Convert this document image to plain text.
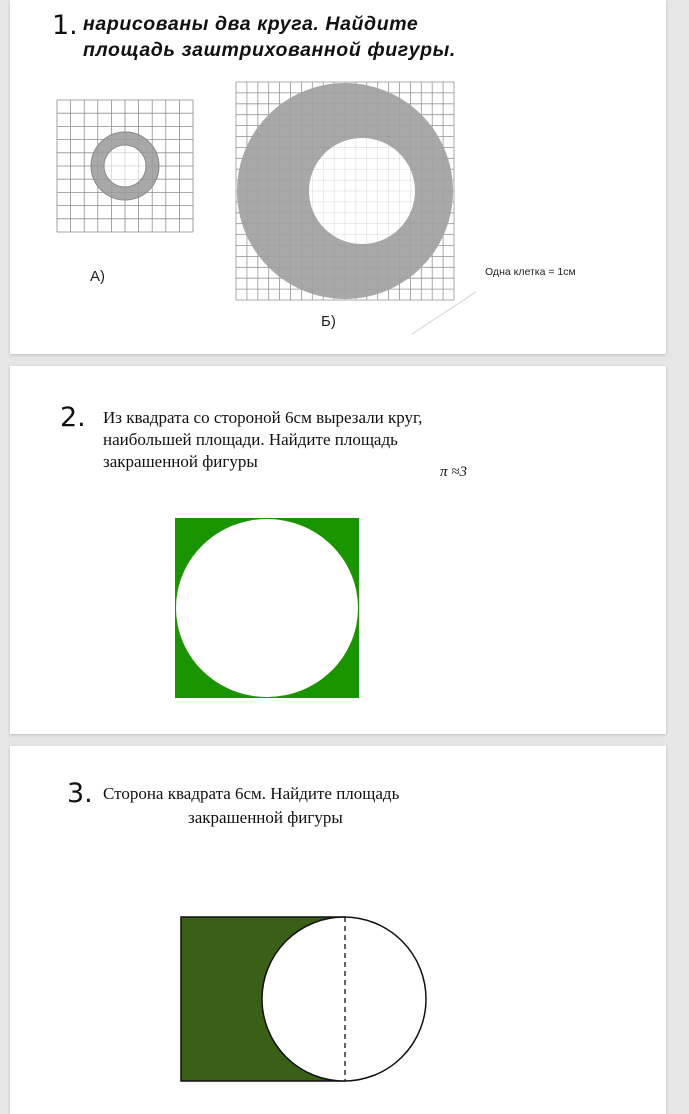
1. нарисованы два круга. Найдите
площадь заштрихованной фигуры.
А)
Б)
Одна клетка = 1см
2. Из квадрата со стороной 6см вырезали круг,
наибольшей площади. Найдите площадь
закрашенной фигуры
π ≈3
3. Сторона квадрата 6см. Найдите площадь
закрашенной фигуры
